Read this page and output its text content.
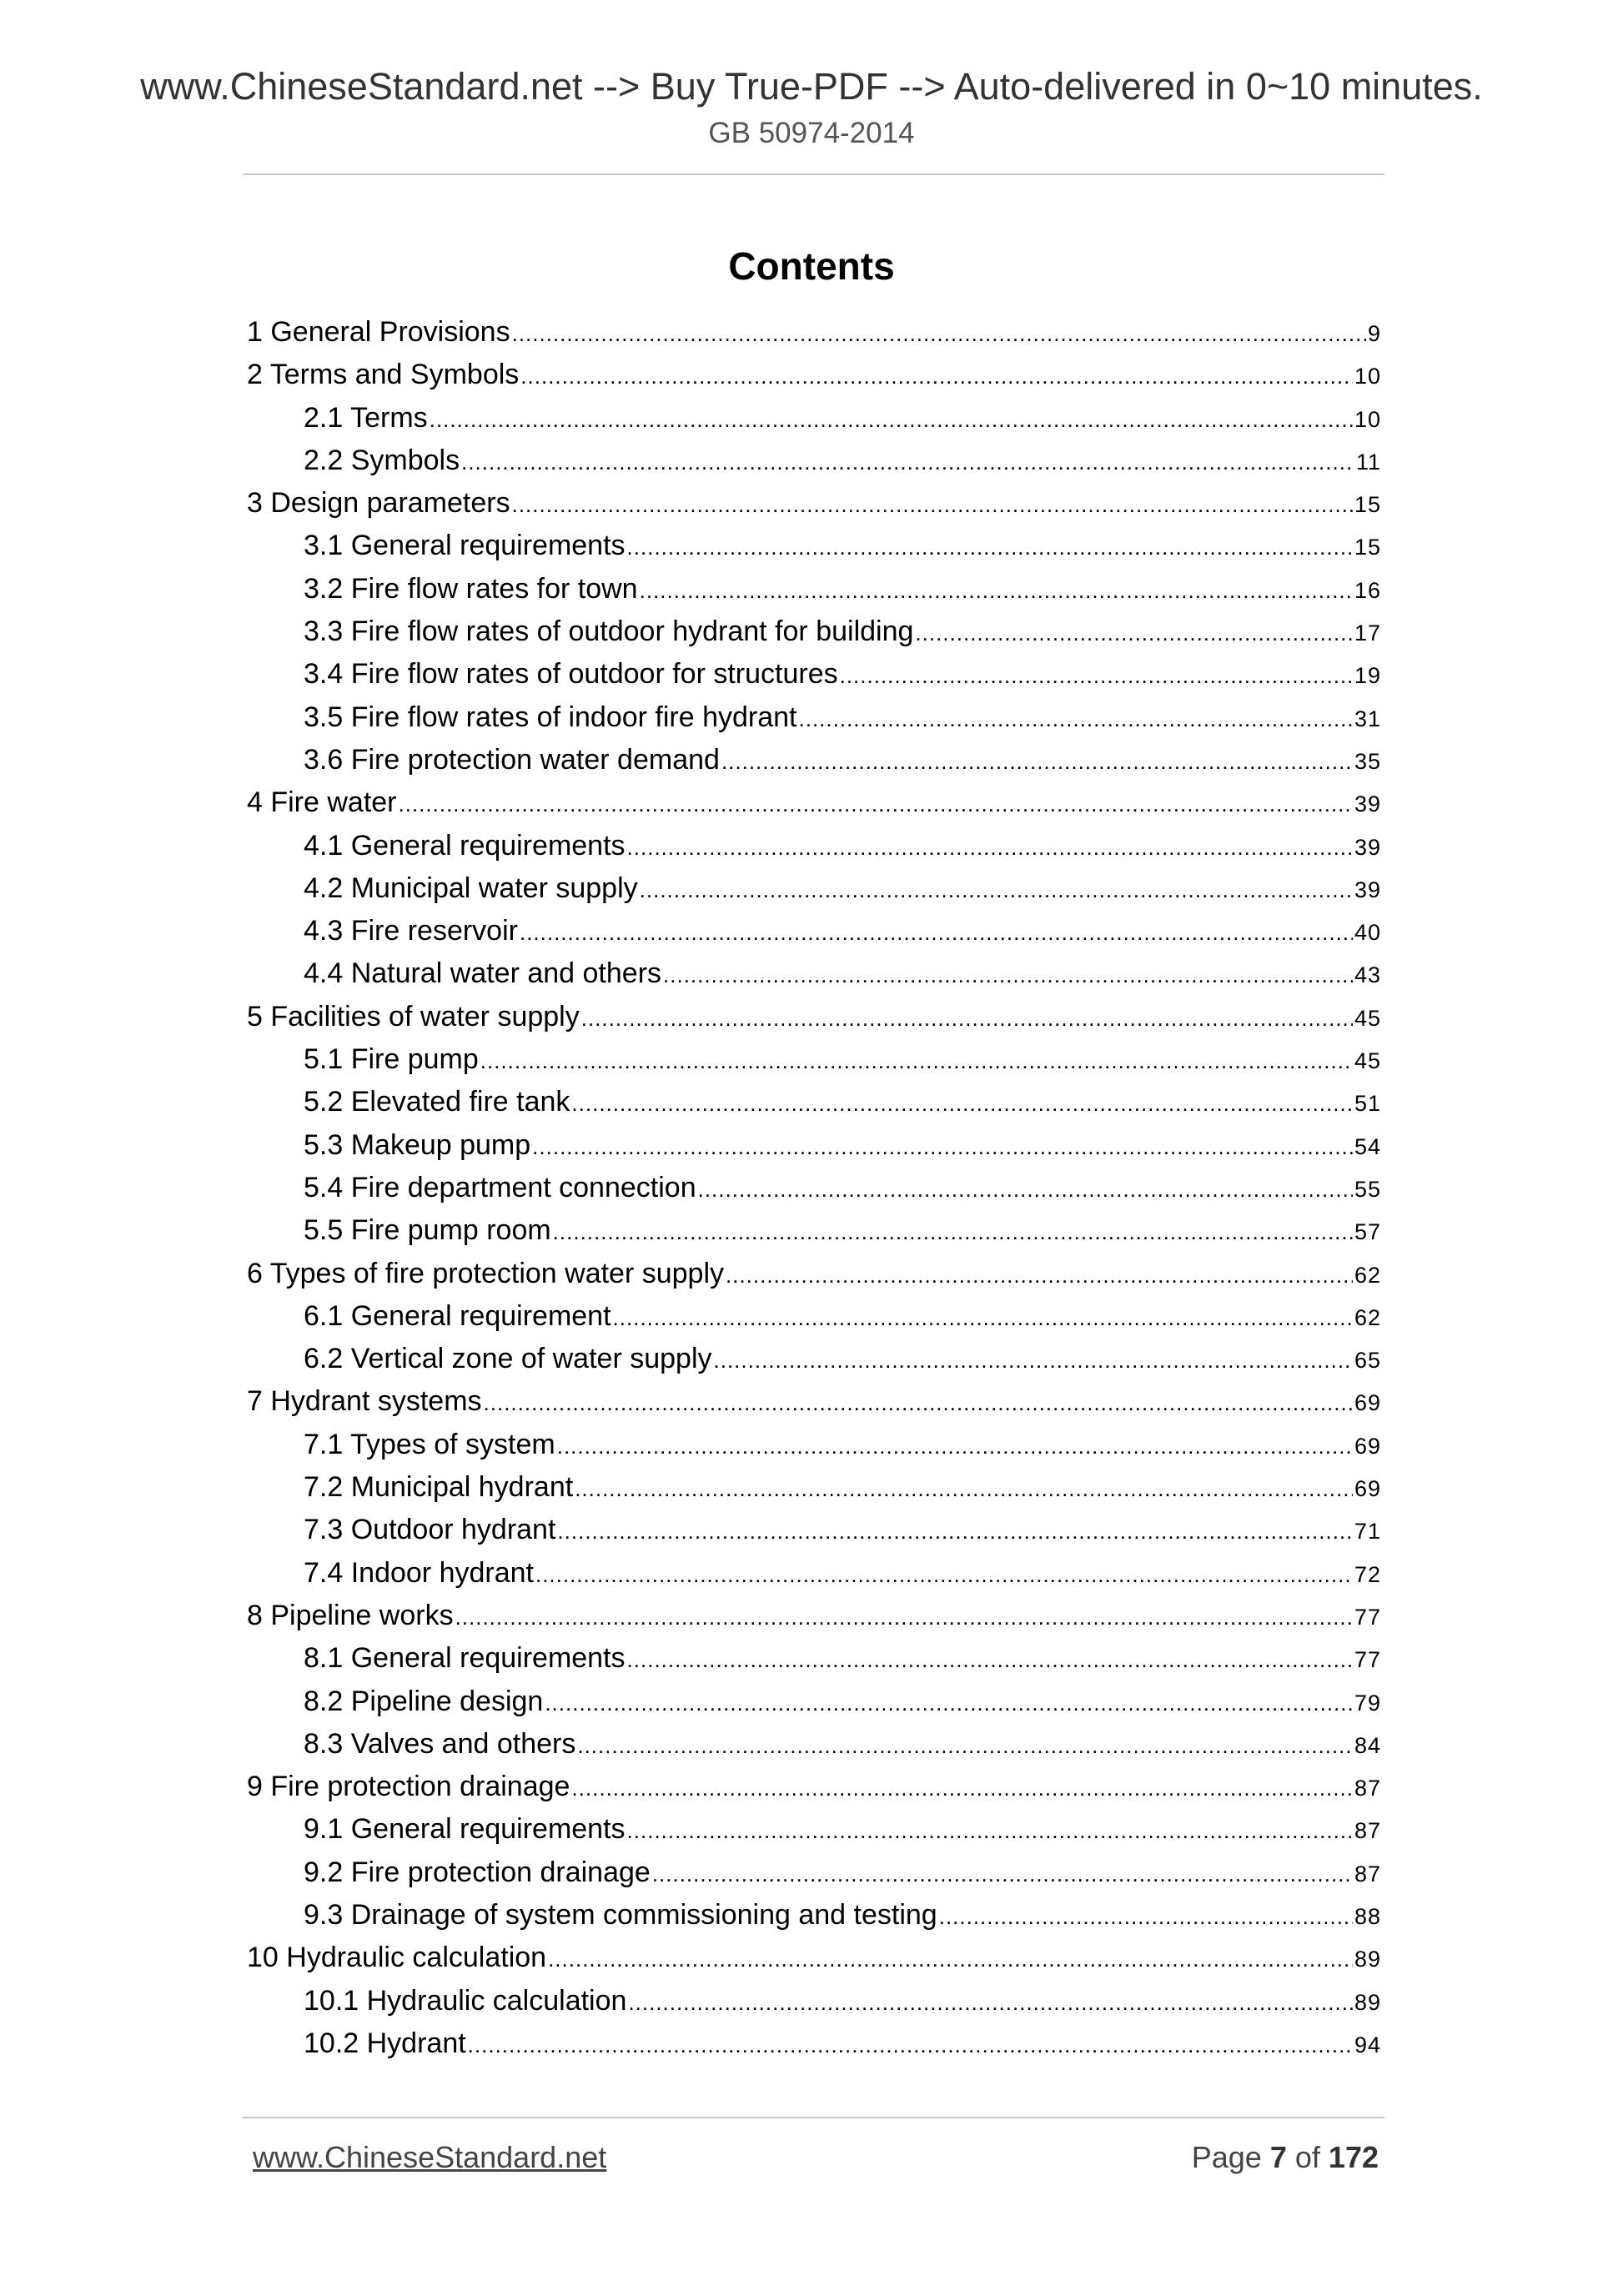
www.ChineseStandard.net --> Buy True-PDF --> Auto-delivered in 0~10 minutes.
GB 50974-2014
Contents
1 General Provisions .....	9
2 Terms and Symbols .....	10
2.1 Terms .....	10
2.2 Symbols .....	11
3 Design parameters .....	15
3.1 General requirements .....	15
3.2 Fire flow rates for town .....	16
3.3 Fire flow rates of outdoor hydrant for building .....	17
3.4 Fire flow rates of outdoor for structures .....	19
3.5 Fire flow rates of indoor fire hydrant .....	31
3.6 Fire protection water demand .....	35
4 Fire water .....	39
4.1 General requirements .....	39
4.2 Municipal water supply .....	39
4.3 Fire reservoir .....	40
4.4 Natural water and others .....	43
5 Facilities of water supply .....	45
5.1 Fire pump .....	45
5.2 Elevated fire tank .....	51
5.3 Makeup pump .....	54
5.4 Fire department connection .....	55
5.5 Fire pump room .....	57
6 Types of fire protection water supply .....	62
6.1 General requirement .....	62
6.2 Vertical zone of water supply .....	65
7 Hydrant systems .....	69
7.1 Types of system .....	69
7.2 Municipal hydrant .....	69
7.3 Outdoor hydrant .....	71
7.4 Indoor hydrant .....	72
8 Pipeline works .....	77
8.1 General requirements .....	77
8.2 Pipeline design .....	79
8.3 Valves and others .....	84
9 Fire protection drainage .....	87
9.1 General requirements .....	87
9.2 Fire protection drainage .....	87
9.3 Drainage of system commissioning and testing .....	88
10 Hydraulic calculation .....	89
10.1 Hydraulic calculation .....	89
10.2 Hydrant .....	94
www.ChineseStandard.net	Page 7 of 172
